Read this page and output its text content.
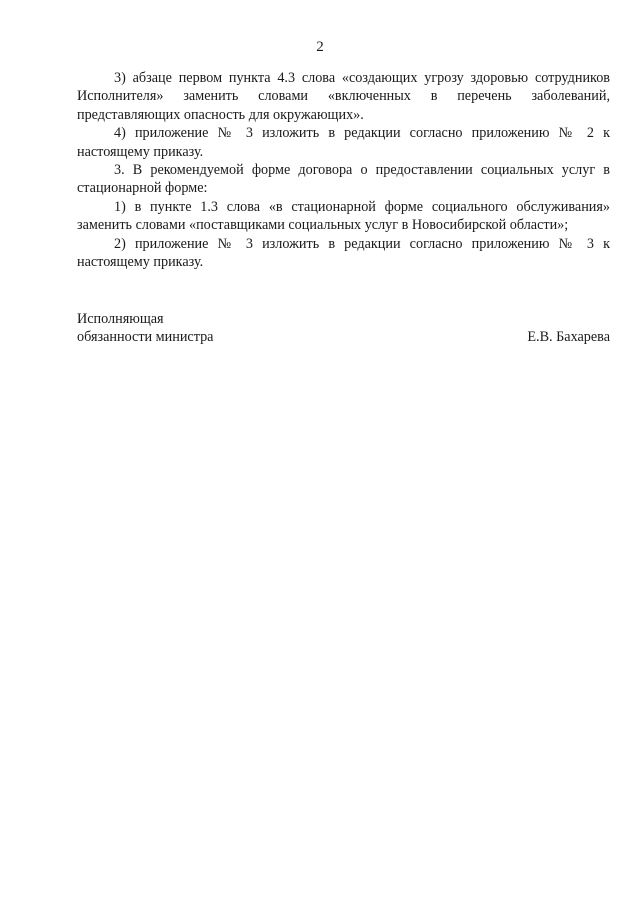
2

3) абзаце первом пункта 4.3 слова «создающих угрозу здоровью сотрудников Исполнителя» заменить словами «включенных в перечень заболеваний, представляющих опасность для окружающих».

4) приложение № 3 изложить в редакции согласно приложению № 2 к настоящему приказу.

3. В рекомендуемой форме договора о предоставлении социальных услуг в стационарной форме:

1) в пункте 1.3 слова «в стационарной форме социального обслуживания» заменить словами «поставщиками социальных услуг в Новосибирской области»;

2) приложение № 3 изложить в редакции согласно приложению № 3 к настоящему приказу.

Исполняющая
обязанности министра	Е.В. Бахарева
